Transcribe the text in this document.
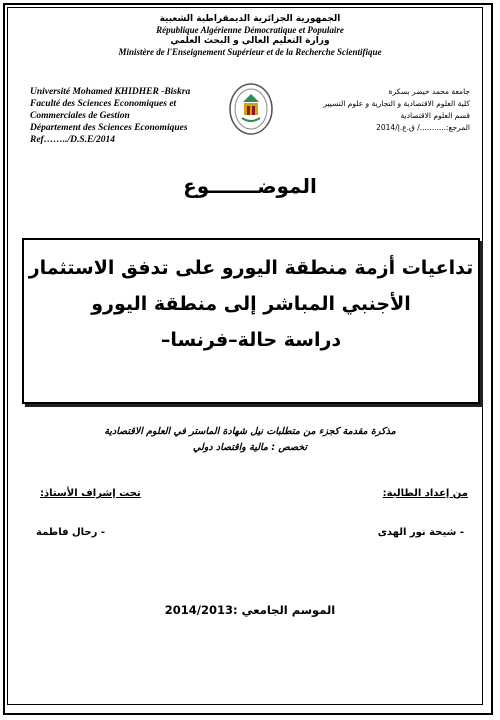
الجمهورية الجزائرية الديمقراطية الشعبية
République Algérienne Démocratique et Populaire
وزارة التعليم العالي و البحث العلمي
Ministère de l'Enseignement Supérieur et de la Recherche Scientifique
Université Mohamed KHIDHER -Biskra
Faculté des Sciences Economiques et
Commerciales de Gestion
Département des Sciences Economiques
Ref……../D.S.E/2014
جامعة محمد خيضر بسكرة
كلية العلوم الاقتصادية و التجارية و علوم التسيير
قسم العلوم الاقتصادية
المرجع:.........../ ق.ع.إ/2014
الموضـــــــوع
تداعيات أزمة منطقة اليورو على تدفق الاستثمار
الأجنبي المباشر إلى منطقة اليورو
دراسة حالة–فرنسا–
مذكرة مقدمة كجزء من متطلبات نيل شهادة الماستر في العلوم الاقتصادية
تخصص : مالية واقتصاد دولي
من إعداد الطالبة:
تحت إشراف الأستاذ:
- شيحة نور الهدى
- رحال فاطمة
الموسم الجامعي :2014/2013
